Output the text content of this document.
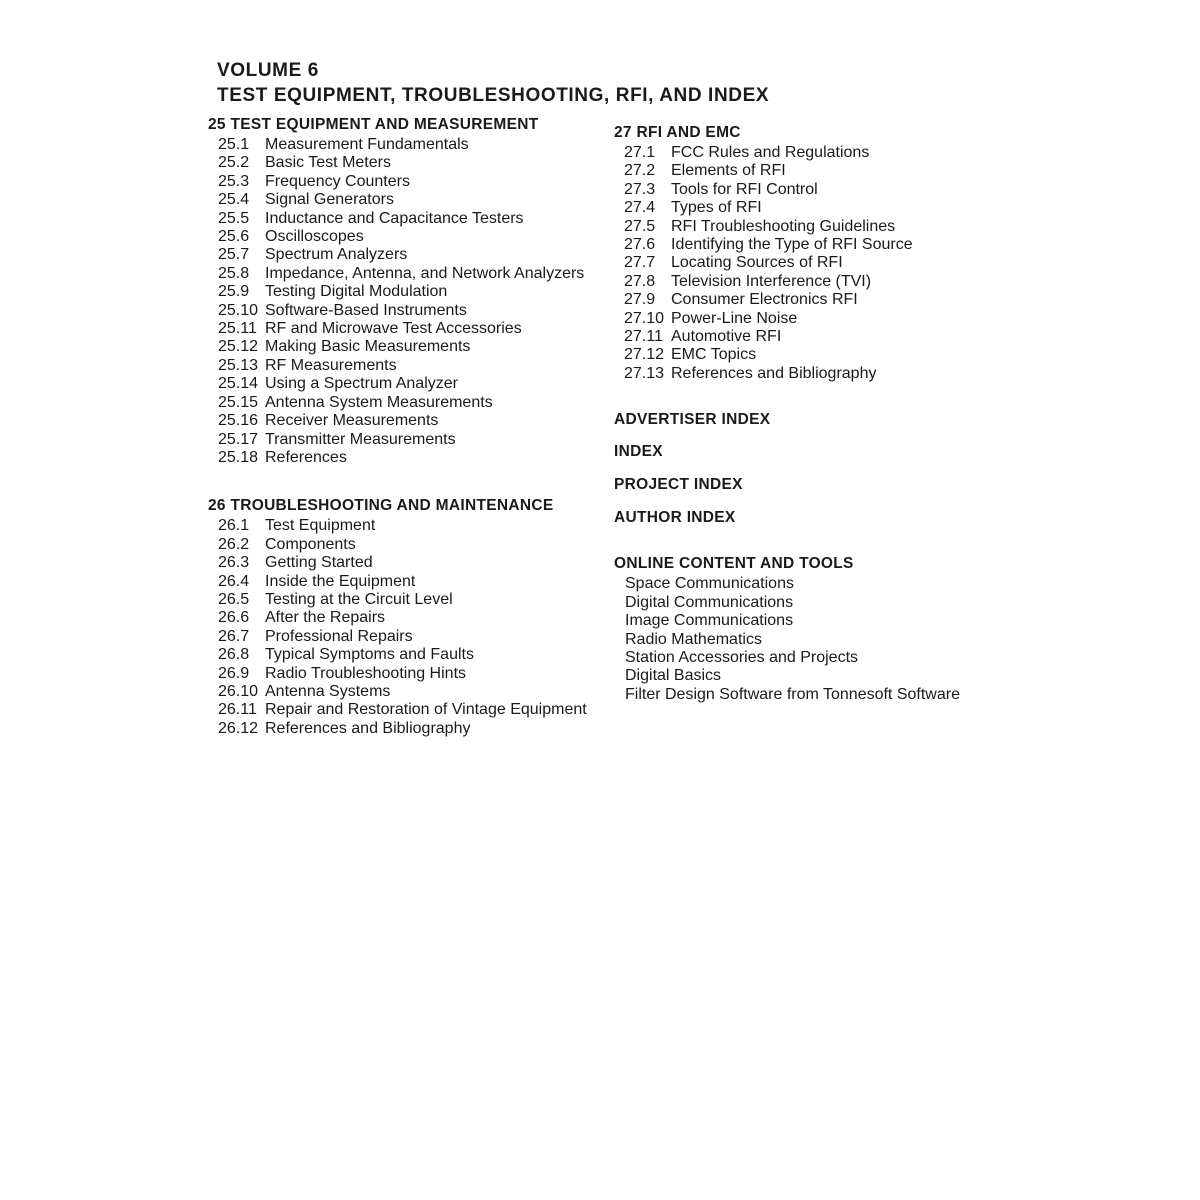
VOLUME 6
TEST EQUIPMENT, TROUBLESHOOTING, RFI, AND INDEX
25 TEST EQUIPMENT AND MEASUREMENT
25.1 Measurement Fundamentals
25.2 Basic Test Meters
25.3 Frequency Counters
25.4 Signal Generators
25.5 Inductance and Capacitance Testers
25.6 Oscilloscopes
25.7 Spectrum Analyzers
25.8 Impedance, Antenna, and Network Analyzers
25.9 Testing Digital Modulation
25.10 Software-Based Instruments
25.11 RF and Microwave Test Accessories
25.12 Making Basic Measurements
25.13 RF Measurements
25.14 Using a Spectrum Analyzer
25.15 Antenna System Measurements
25.16 Receiver Measurements
25.17 Transmitter Measurements
25.18 References
26 TROUBLESHOOTING AND MAINTENANCE
26.1 Test Equipment
26.2 Components
26.3 Getting Started
26.4 Inside the Equipment
26.5 Testing at the Circuit Level
26.6 After the Repairs
26.7 Professional Repairs
26.8 Typical Symptoms and Faults
26.9 Radio Troubleshooting Hints
26.10 Antenna Systems
26.11 Repair and Restoration of Vintage Equipment
26.12 References and Bibliography
27 RFI AND EMC
27.1 FCC Rules and Regulations
27.2 Elements of RFI
27.3 Tools for RFI Control
27.4 Types of RFI
27.5 RFI Troubleshooting Guidelines
27.6 Identifying the Type of RFI Source
27.7 Locating Sources of RFI
27.8 Television Interference (TVI)
27.9 Consumer Electronics RFI
27.10 Power-Line Noise
27.11 Automotive RFI
27.12 EMC Topics
27.13 References and Bibliography
ADVERTISER INDEX
INDEX
PROJECT INDEX
AUTHOR INDEX
ONLINE CONTENT AND TOOLS
Space Communications
Digital Communications
Image Communications
Radio Mathematics
Station Accessories and Projects
Digital Basics
Filter Design Software from Tonnesoft Software
